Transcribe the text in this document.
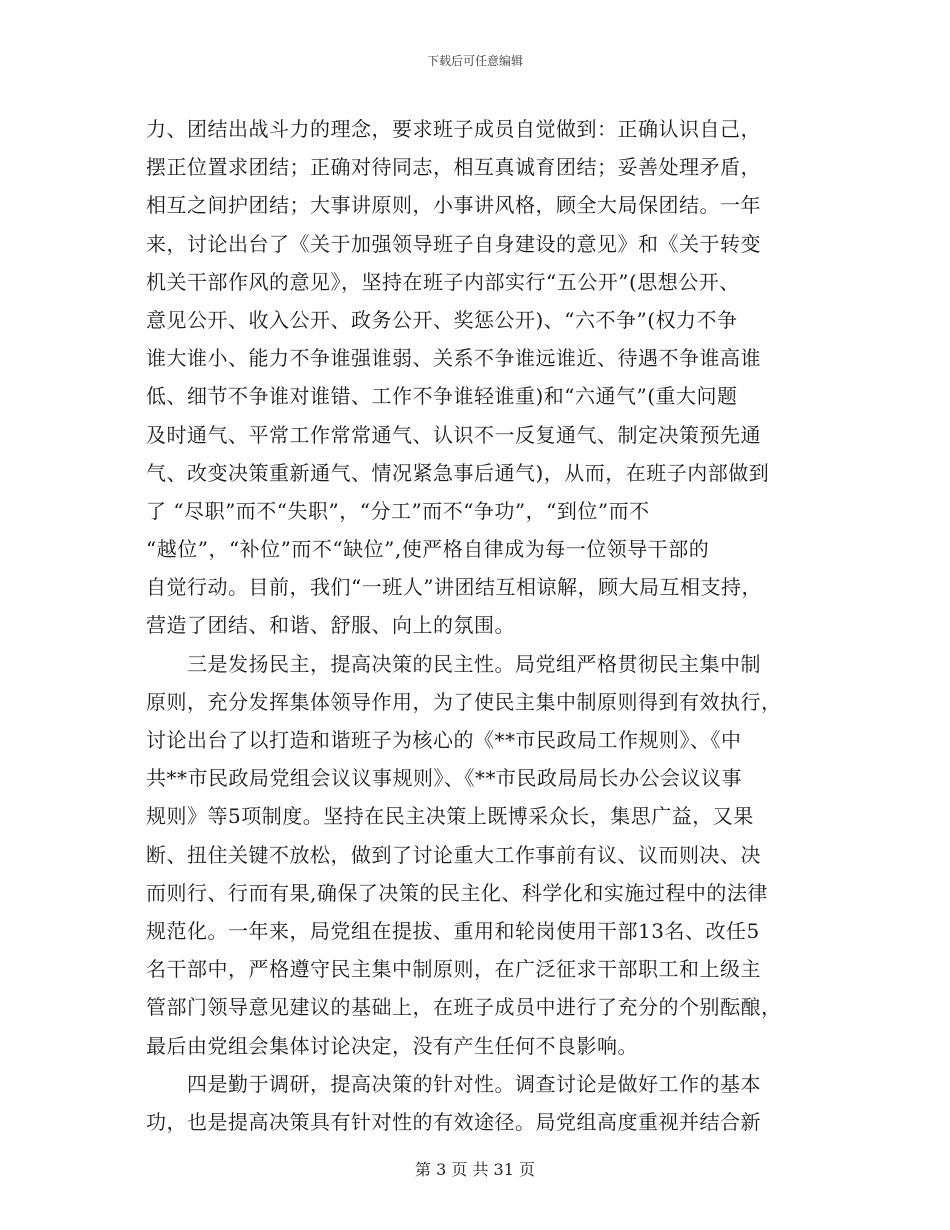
下载后可任意编辑
力、团结出战斗力的理念，要求班子成员自觉做到：正确认识自己，
摆正位置求团结；正确对待同志，相互真诚育团结；妥善处理矛盾，
相互之间护团结；大事讲原则，小事讲风格，顾全大局保团结。一年
来，讨论出台了《关于加强领导班子自身建设的意见》和《关于转变
机关干部作风的意见》，坚持在班子内部实行“五公开”(思想公开、
意见公开、收入公开、政务公开、奖惩公开)、“六不争”(权力不争
谁大谁小、能力不争谁强谁弱、关系不争谁远谁近、待遇不争谁高谁
低、细节不争谁对谁错、工作不争谁轻谁重)和“六通气”(重大问题
及时通气、平常工作常常通气、认识不一反复通气、制定决策预先通
气、改变决策重新通气、情况紧急事后通气)，从而，在班子内部做到
了 “尽职”而不“失职”，“分工”而不“争功”，“到位”而不
“越位”，“补位”而不“缺位”,使严格自律成为每一位领导干部的
自觉行动。目前，我们“一班人”讲团结互相谅解，顾大局互相支持，
营造了团结、和谐、舒服、向上的氛围。
　　三是发扬民主，提高决策的民主性。局党组严格贯彻民主集中制
原则，充分发挥集体领导作用，为了使民主集中制原则得到有效执行，
讨论出台了以打造和谐班子为核心的《**市民政局工作规则》、《中
共**市民政局党组会议议事规则》、《**市民政局局长办公会议议事
规则》等5项制度。坚持在民主决策上既博采众长，集思广益，又果
断、扭住关键不放松，做到了讨论重大工作事前有议、议而则决、决
而则行、行而有果,确保了决策的民主化、科学化和实施过程中的法律
规范化。一年来，局党组在提拔、重用和轮岗使用干部13名、改任5
名干部中，严格遵守民主集中制原则，在广泛征求干部职工和上级主
管部门领导意见建议的基础上，在班子成员中进行了充分的个别酝酿，
最后由党组会集体讨论决定，没有产生任何不良影响。
　　四是勤于调研，提高决策的针对性。调查讨论是做好工作的基本
功，也是提高决策具有针对性的有效途径。局党组高度重视并结合新
第 3 页 共 31 页
